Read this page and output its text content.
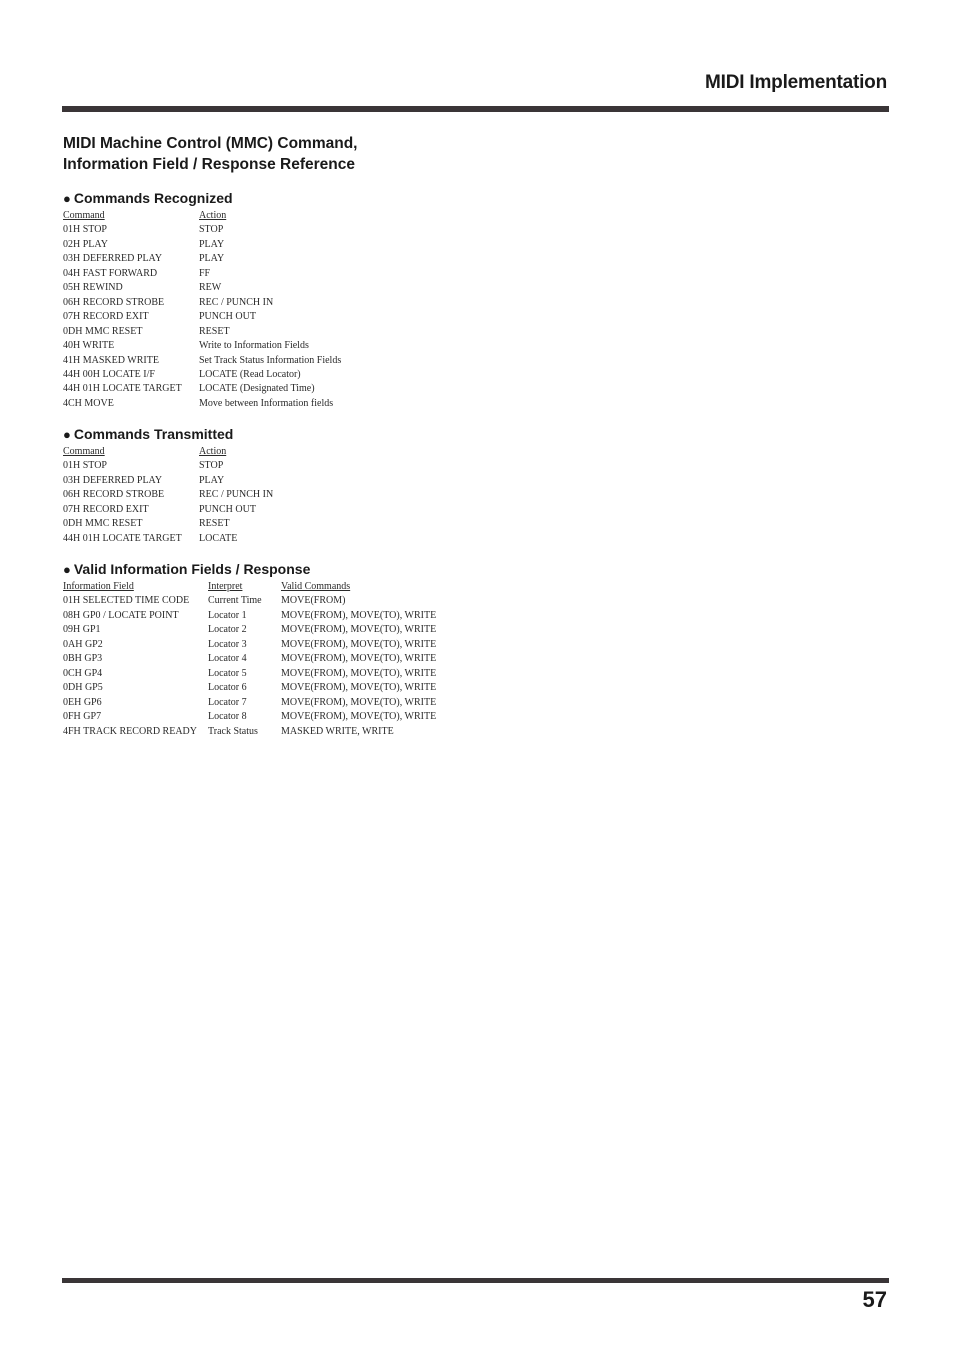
MIDI Implementation
MIDI Machine Control (MMC) Command,
Information Field / Response Reference
● Commands Recognized
Command	Action
01H STOP	STOP
02H PLAY	PLAY
03H DEFERRED PLAY	PLAY
04H FAST FORWARD	FF
05H REWIND	REW
06H RECORD STROBE	REC / PUNCH IN
07H RECORD EXIT	PUNCH OUT
0DH MMC RESET	RESET
40H WRITE	Write to Information Fields
41H MASKED WRITE	Set Track Status Information Fields
44H 00H LOCATE I/F	LOCATE (Read Locator)
44H 01H LOCATE TARGET	LOCATE (Designated Time)
4CH MOVE	Move between Information fields
● Commands Transmitted
Command	Action
01H STOP	STOP
03H DEFERRED PLAY	PLAY
06H RECORD STROBE	REC / PUNCH IN
07H RECORD EXIT	PUNCH OUT
0DH MMC RESET	RESET
44H 01H LOCATE TARGET	LOCATE
● Valid Information Fields / Response
Information Field	Interpret	Valid Commands
01H SELECTED TIME CODE	Current Time	MOVE(FROM)
08H GP0 / LOCATE POINT	Locator 1	MOVE(FROM), MOVE(TO), WRITE
09H GP1	Locator 2	MOVE(FROM), MOVE(TO), WRITE
0AH GP2	Locator 3	MOVE(FROM), MOVE(TO), WRITE
0BH GP3	Locator 4	MOVE(FROM), MOVE(TO), WRITE
0CH GP4	Locator 5	MOVE(FROM), MOVE(TO), WRITE
0DH GP5	Locator 6	MOVE(FROM), MOVE(TO), WRITE
0EH GP6	Locator 7	MOVE(FROM), MOVE(TO), WRITE
0FH GP7	Locator 8	MOVE(FROM), MOVE(TO), WRITE
4FH TRACK RECORD READY	Track Status	MASKED WRITE, WRITE
57
